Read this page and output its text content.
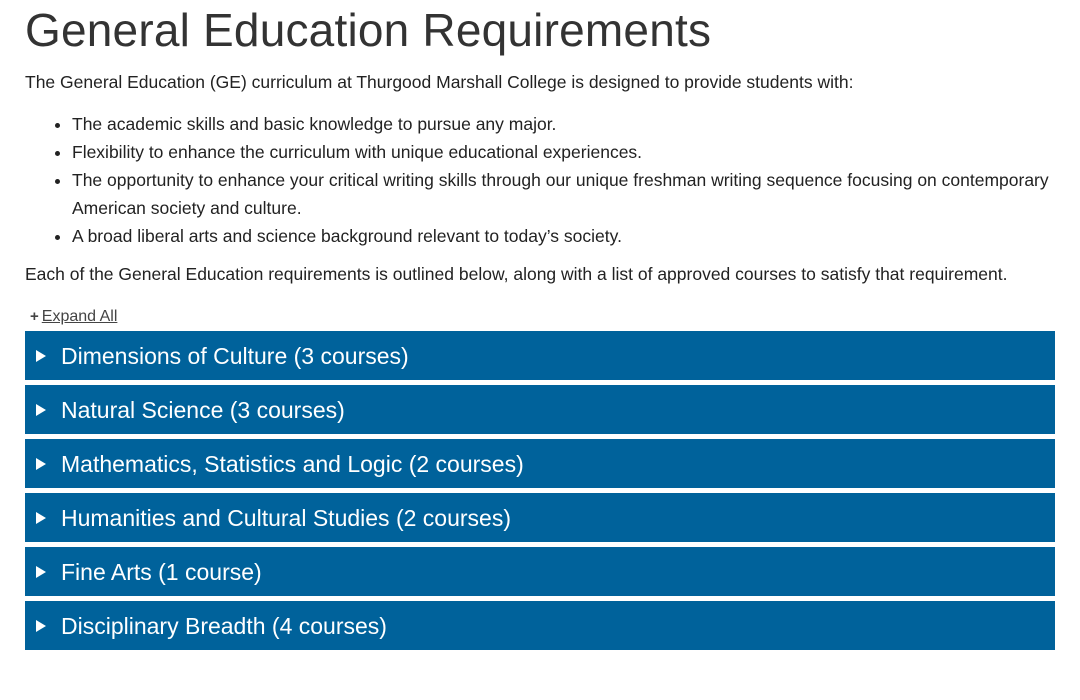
General Education Requirements

The General Education (GE) curriculum at Thurgood Marshall College is designed to provide students with:

• The academic skills and basic knowledge to pursue any major.
• Flexibility to enhance the curriculum with unique educational experiences.
• The opportunity to enhance your critical writing skills through our unique freshman writing sequence focusing on contemporary American society and culture.
• A broad liberal arts and science background relevant to today’s society.

Each of the General Education requirements is outlined below, along with a list of approved courses to satisfy that requirement.

+ Expand All
Dimensions of Culture (3 courses)
Natural Science (3 courses)
Mathematics, Statistics and Logic (2 courses)
Humanities and Cultural Studies (2 courses)
Fine Arts (1 course)
Disciplinary Breadth (4 courses)
